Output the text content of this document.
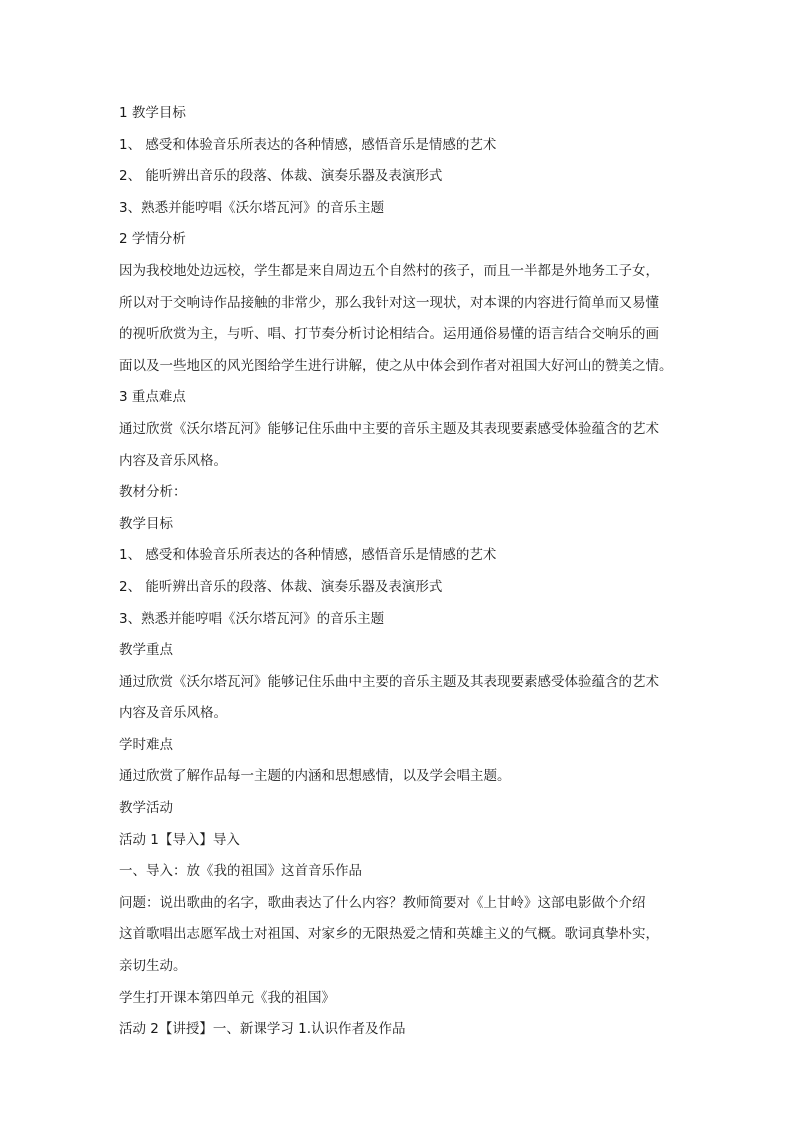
1 教学目标
1、 感受和体验音乐所表达的各种情感，感悟音乐是情感的艺术
2、 能听辨出音乐的段落、体裁、演奏乐器及表演形式
3、熟悉并能哼唱《沃尔塔瓦河》的音乐主题
2 学情分析
因为我校地处边远校，学生都是来自周边五个自然村的孩子，而且一半都是外地务工子女，
所以对于交响诗作品接触的非常少，那么我针对这一现状，对本课的内容进行简单而又易懂
的视听欣赏为主，与听、唱、打节奏分析讨论相结合。运用通俗易懂的语言结合交响乐的画
面以及一些地区的风光图给学生进行讲解，使之从中体会到作者对祖国大好河山的赞美之情。
3 重点难点
通过欣赏《沃尔塔瓦河》能够记住乐曲中主要的音乐主题及其表现要素感受体验蕴含的艺术
内容及音乐风格。
教材分析：
教学目标
1、 感受和体验音乐所表达的各种情感，感悟音乐是情感的艺术
2、 能听辨出音乐的段落、体裁、演奏乐器及表演形式
3、熟悉并能哼唱《沃尔塔瓦河》的音乐主题
教学重点
通过欣赏《沃尔塔瓦河》能够记住乐曲中主要的音乐主题及其表现要素感受体验蕴含的艺术
内容及音乐风格。
学时难点
通过欣赏了解作品每一主题的内涵和思想感情，以及学会唱主题。
教学活动
活动 1【导入】导入
一、导入：放《我的祖国》这首音乐作品
问题：说出歌曲的名字，歌曲表达了什么内容？教师简要对《上甘岭》这部电影做个介绍
这首歌唱出志愿军战士对祖国、对家乡的无限热爱之情和英雄主义的气概。歌词真挚朴实，
亲切生动。
学生打开课本第四单元《我的祖国》
活动 2【讲授】一、新课学习 1.认识作者及作品
